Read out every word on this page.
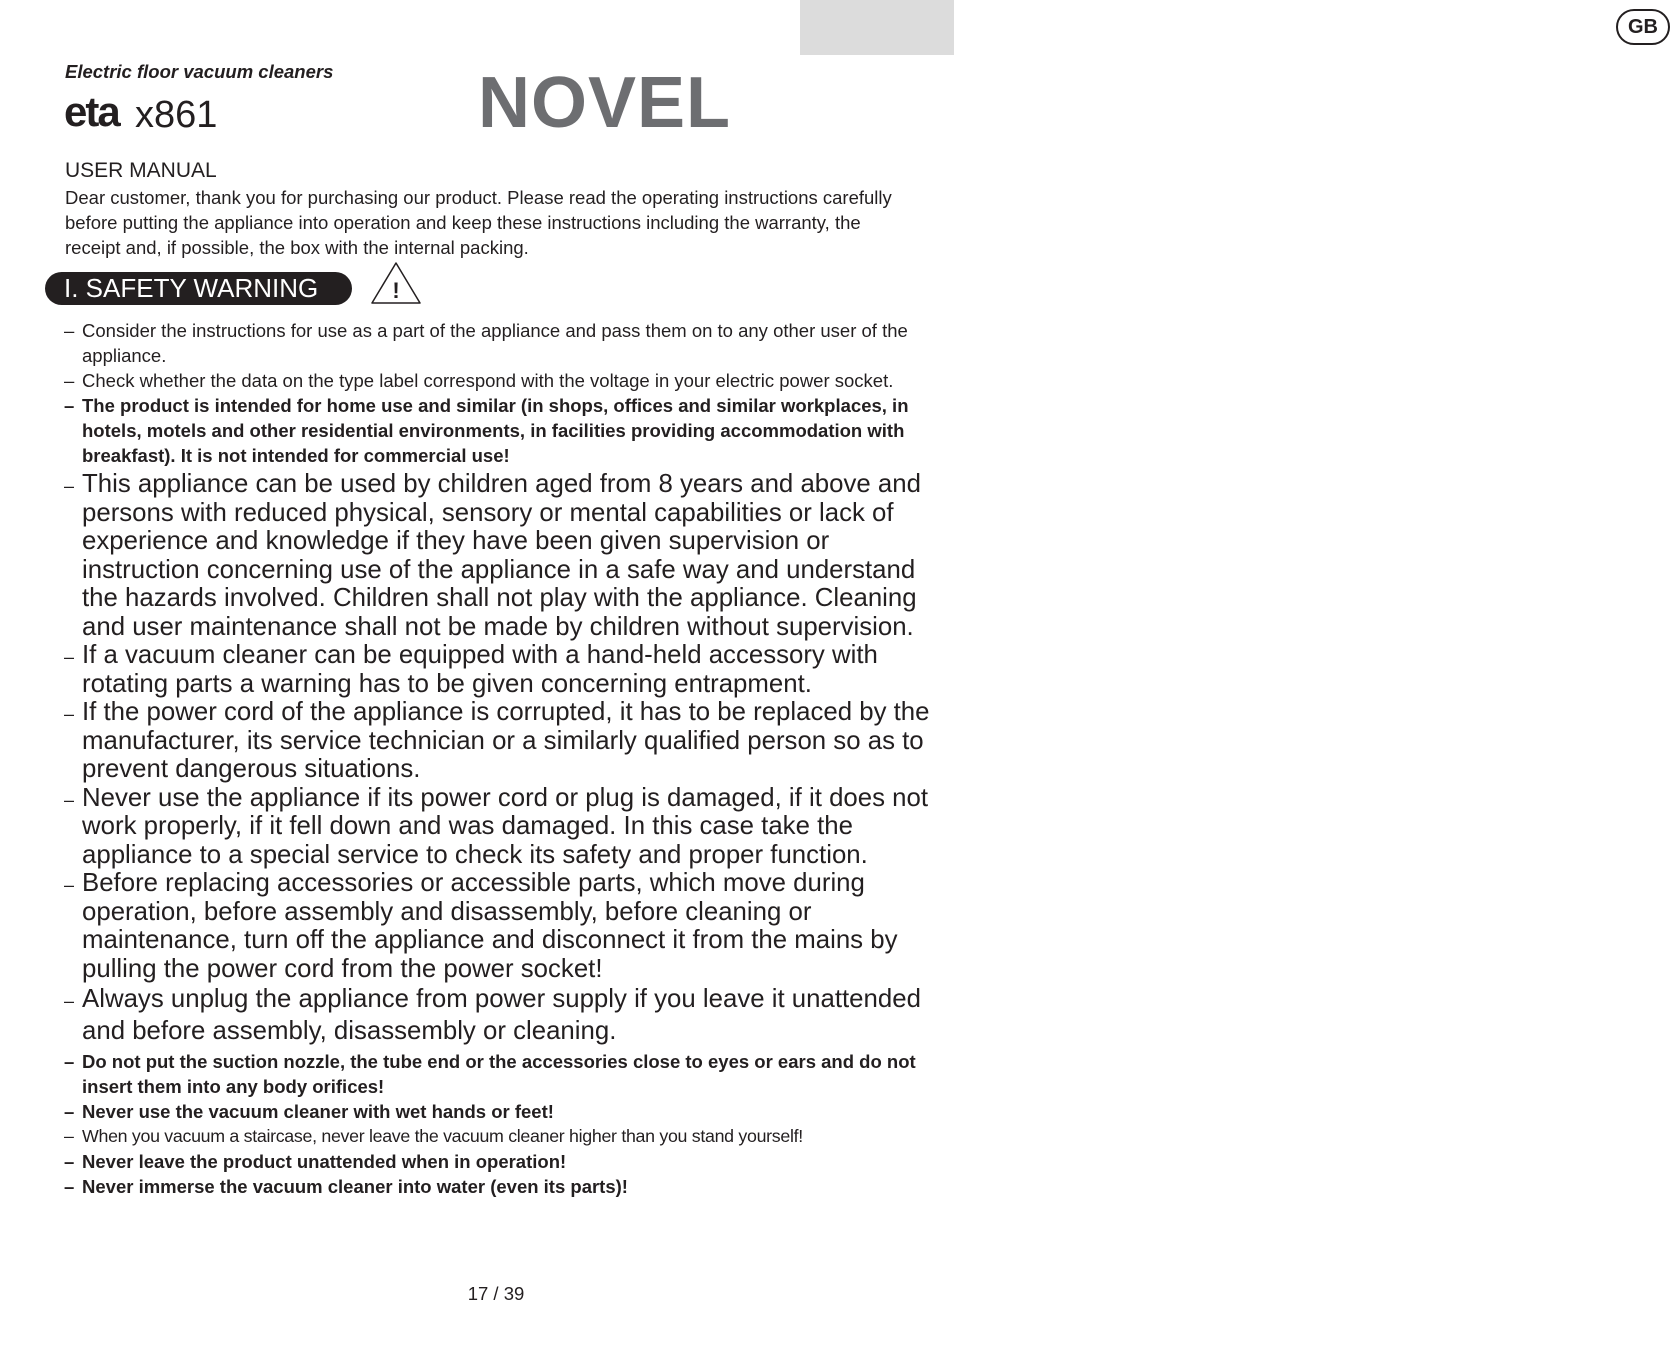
GB
Electric floor vacuum cleaners
eta x861	NOVEL
USER MANUAL
Dear customer, thank you for purchasing our product. Please read the operating instructions carefully before putting the appliance into operation and keep these instructions including the warranty, the receipt and, if possible, the box with the internal packing.
I. SAFETY WARNING	!
– Consider the instructions for use as a part of the appliance and pass them on to any other user of the appliance.
– Check whether the data on the type label correspond with the voltage in your electric power socket.
– The product is intended for home use and similar (in shops, offices and similar workplaces, in hotels, motels and other residential environments, in facilities providing accommodation with breakfast). It is not intended for commercial use!
– This appliance can be used by children aged from 8 years and above and persons with reduced physical, sensory or mental capabilities or lack of experience and knowledge if they have been given supervision or instruction concerning use of the appliance in a safe way and understand the hazards involved. Children shall not play with the appliance. Cleaning and user maintenance shall not be made by children without supervision.
– If a vacuum cleaner can be equipped with a hand-held accessory with rotating parts a warning has to be given concerning entrapment.
– If the power cord of the appliance is corrupted, it has to be replaced by the manufacturer, its service technician or a similarly qualified person so as to prevent dangerous situations.
– Never use the appliance if its power cord or plug is damaged, if it does not work properly, if it fell down and was damaged. In this case take the appliance to a special service to check its safety and proper function.
– Before replacing accessories or accessible parts, which move during operation, before assembly and disassembly, before cleaning or maintenance, turn off the appliance and disconnect it from the mains by pulling the power cord from the power socket!
– Always unplug the appliance from power supply if you leave it unattended and before assembly, disassembly or cleaning.
– Do not put the suction nozzle, the tube end or the accessories close to eyes or ears and do not insert them into any body orifices!
– Never use the vacuum cleaner with wet hands or feet!
– When you vacuum a staircase, never leave the vacuum cleaner higher than you stand yourself!
– Never leave the product unattended when in operation!
– Never immerse the vacuum cleaner into water (even its parts)!
17 / 39
